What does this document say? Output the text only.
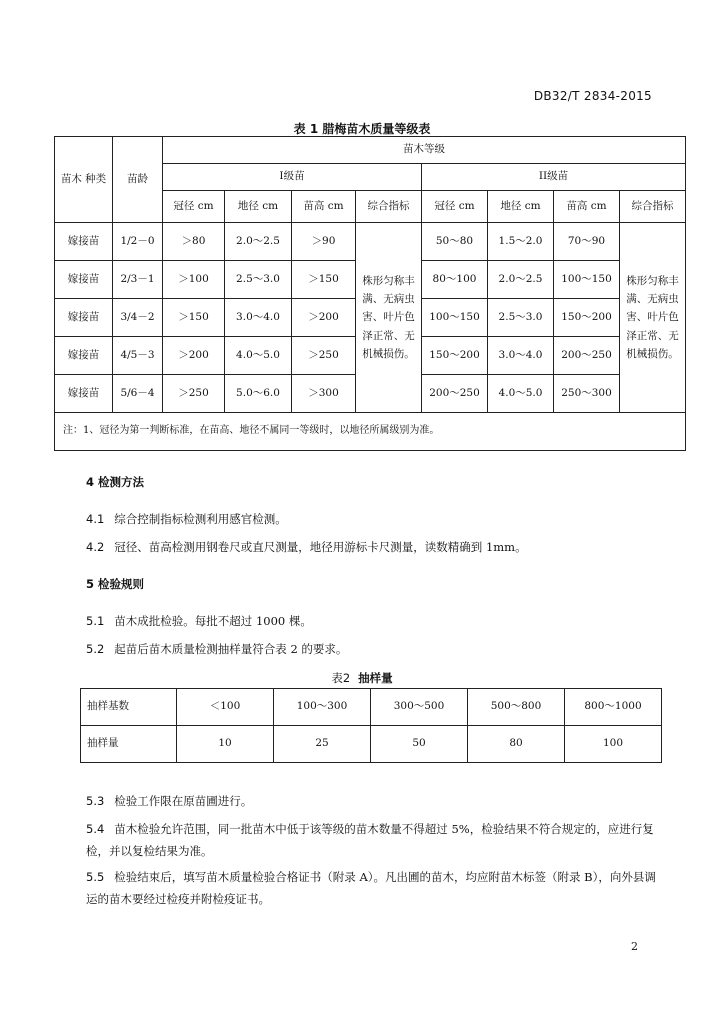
DB32/T 2834-2015
表 1 腊梅苗木质量等级表
苗木 种类	苗龄	苗木等级							
		I级苗				II级苗			
		冠径 cm	地径 cm	苗高 cm	综合指标	冠径 cm	地径 cm	苗高 cm	综合指标
嫁接苗	1/2－0	＞80	2.0～2.5	＞90	株形匀称丰满、无病虫害、叶片色泽正常、无机械损伤。	50～80	1.5～2.0	70～90	株形匀称丰满、无病虫害、叶片色泽正常、无机械损伤。
嫁接苗	2/3－1	＞100	2.5～3.0	＞150		80～100	2.0～2.5	100～150	
嫁接苗	3/4－2	＞150	3.0～4.0	＞200		100～150	2.5～3.0	150～200	
嫁接苗	4/5－3	＞200	4.0～5.0	＞250		150～200	3.0～4.0	200～250	
嫁接苗	5/6－4	＞250	5.0～6.0	＞300		200～250	4.0～5.0	250～300	
注：1、冠径为第一判断标准，在苗高、地径不属同一等级时，以地径所属级别为准。									
4 检测方法
4.1 综合控制指标检测利用感官检测。
4.2 冠径、苗高检测用钢卷尺或直尺测量，地径用游标卡尺测量，读数精确到 1mm。
5 检验规则
5.1 苗木成批检验。每批不超过 1000 棵。
5.2 起苗后苗木质量检测抽样量符合表 2 的要求。
表2 抽样量
抽样基数	＜100	100～300	300～500	500～800	800～1000
抽样量	10	25	50	80	100
5.3 检验工作限在原苗圃进行。
5.4 苗木检验允许范围，同一批苗木中低于该等级的苗木数量不得超过 5%，检验结果不符合规定的，应进行复检，并以复检结果为准。
5.5 检验结束后，填写苗木质量检验合格证书（附录 A）。凡出圃的苗木，均应附苗木标签（附录 B），向外县调运的苗木要经过检疫并附检疫证书。
2
